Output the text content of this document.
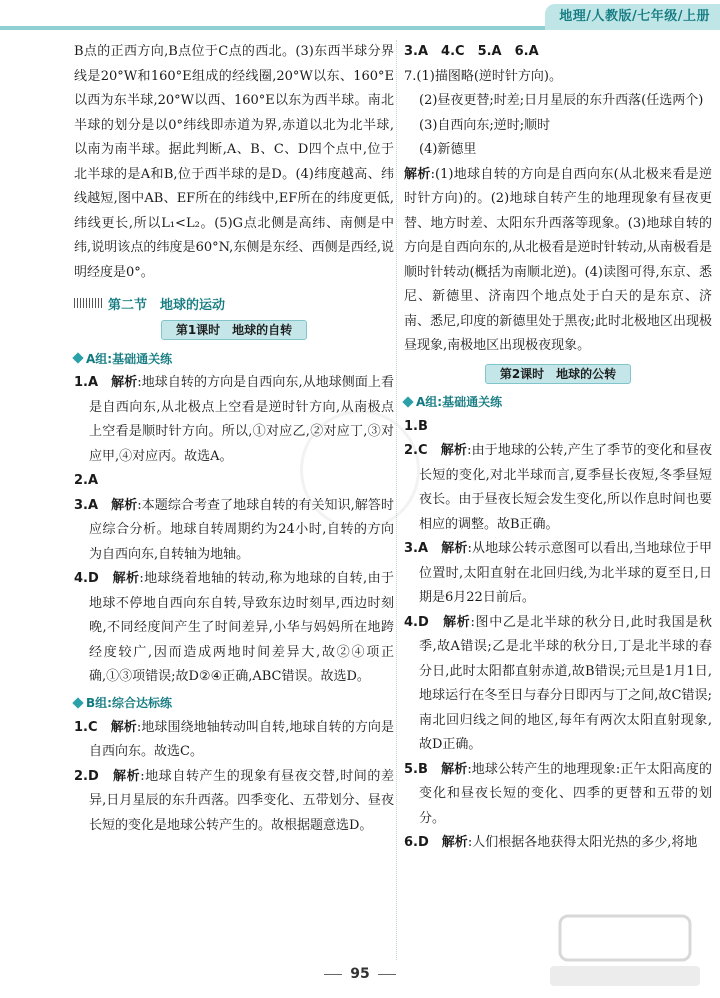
地理/人教版/七年级/上册

B点的正西方向,B点位于C点的西北。(3)东西半球分界线是20°W和160°E组成的经线圈,20°W以东、160°E以西为东半球,20°W以西、160°E以东为西半球。南北半球的划分是以0°纬线即赤道为界,赤道以北为北半球,以南为南半球。据此判断,A、B、C、D四个点中,位于北半球的是A和B,位于西半球的是D。(4)纬度越高、纬线越短,图中AB、EF所在的纬线中,EF所在的纬度更低,纬线更长,所以L₁<L₂。(5)G点北侧是高纬、南侧是中纬,说明该点的纬度是60°N,东侧是东经、西侧是西经,说明经度是0°。

第二节　地球的运动
第1课时　地球的自转
A组:基础通关练

1.A　 解析:地球自转的方向是自西向东,从地球侧面上看是自西向东,从北极点上空看是逆时针方向,从南极点上空看是顺时针方向。所以,①对应乙,②对应丁,③对应甲,④对应丙。故选A。

2.A

3.A　 解析:本题综合考查了地球自转的有关知识,解答时应综合分析。地球自转周期约为24小时,自转的方向为自西向东,自转轴为地轴。

4.D　 解析:地球绕着地轴的转动,称为地球的自转,由于地球不停地自西向东自转,导致东边时刻早,西边时刻晚,不同经度间产生了时间差异,小华与妈妈所在地跨经度较广,因而造成两地时间差异大,故②④项正确,①③项错误;故D②④正确,ABC错误。故选D。

B组:综合达标练

1.C　 解析:地球围绕地轴转动叫自转,地球自转的方向是自西向东。故选C。

2.D　 解析:地球自转产生的现象有昼夜交替,时间的差异,日月星辰的东升西落。四季变化、五带划分、昼夜长短的变化是地球公转产生的。故根据题意选D。

3.A　4.C　5.A　6.A

7.(1)描图略(逆时针方向)。

(2)昼夜更替;时差;日月星辰的东升西落(任选两个)

(3)自西向东;逆时;顺时

(4)新德里

解析:(1)地球自转的方向是自西向东(从北极来看是逆时针方向)的。(2)地球自转产生的地理现象有昼夜更替、地方时差、太阳东升西落等现象。(3)地球自转的方向是自西向东的,从北极看是逆时针转动,从南极看是顺时针转动(概括为南顺北逆)。(4)读图可得,东京、悉尼、新德里、济南四个地点处于白天的是东京、济南、悉尼,印度的新德里处于黑夜;此时北极地区出现极昼现象,南极地区出现极夜现象。

第2课时　地球的公转
A组:基础通关练

1.B

2.C　 解析:由于地球的公转,产生了季节的变化和昼夜长短的变化,对北半球而言,夏季昼长夜短,冬季昼短夜长。由于昼夜长短会发生变化,所以作息时间也要相应的调整。故B正确。

3.A　 解析:从地球公转示意图可以看出,当地球位于甲位置时,太阳直射在北回归线,为北半球的夏至日,日期是6月22日前后。

4.D　 解析:图中乙是北半球的秋分日,此时我国是秋季,故A错误;乙是北半球的秋分日,丁是北半球的春分日,此时太阳都直射赤道,故B错误;元旦是1月1日,地球运行在冬至日与春分日即丙与丁之间,故C错误;南北回归线之间的地区,每年有两次太阳直射现象,故D正确。

5.B　 解析:地球公转产生的地理现象:正午太阳高度的变化和昼夜长短的变化、四季的更替和五带的划分。

6.D　 解析:人们根据各地获得太阳光热的多少,将地

95
